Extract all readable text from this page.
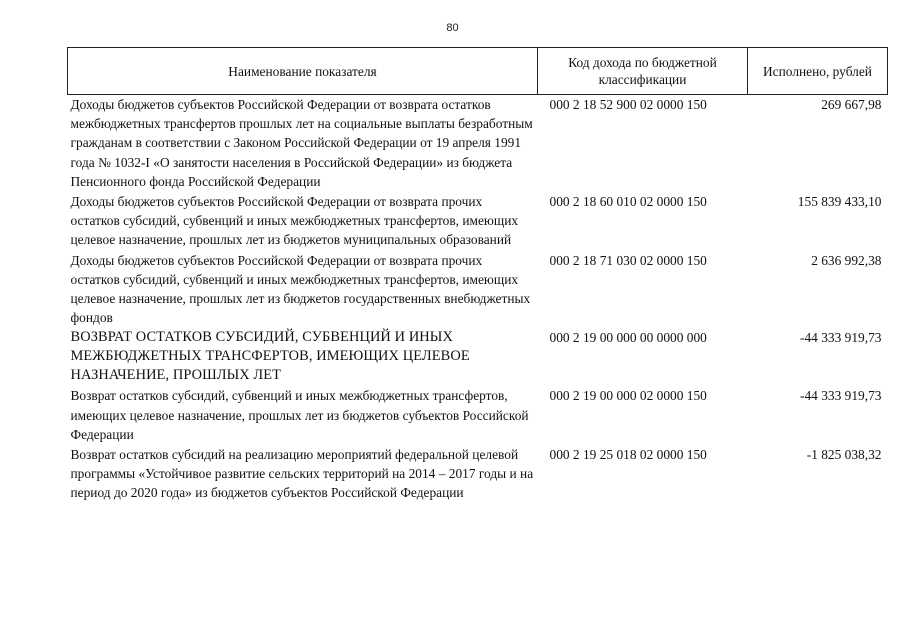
80
Наименование показателя	Код дохода по бюджетной классификации	Исполнено, рублей
Доходы бюджетов субъектов Российской Федерации от возврата остатков межбюджетных трансфертов прошлых лет на социальные выплаты безработным гражданам в соответствии с Законом Российской Федерации от 19 апреля 1991 года № 1032-I «О занятости населения в Российской Федерации» из бюджета Пенсионного фонда Российской Федерации	000 2 18 52 900 02 0000 150	269 667,98
Доходы бюджетов субъектов Российской Федерации от возврата прочих остатков субсидий, субвенций и иных межбюджетных трансфертов, имеющих целевое назначение, прошлых лет из бюджетов муниципальных образований	000 2 18 60 010 02 0000 150	155 839 433,10
Доходы бюджетов субъектов Российской Федерации от возврата прочих остатков субсидий, субвенций и иных межбюджетных трансфертов, имеющих целевое назначение, прошлых лет из бюджетов государственных внебюджетных фондов	000 2 18 71 030 02 0000 150	2 636 992,38
ВОЗВРАТ ОСТАТКОВ СУБСИДИЙ, СУБВЕНЦИЙ И ИНЫХ МЕЖБЮДЖЕТНЫХ ТРАНСФЕРТОВ, ИМЕЮЩИХ ЦЕЛЕВОЕ НАЗНАЧЕНИЕ, ПРОШЛЫХ ЛЕТ	000 2 19 00 000 00 0000 000	-44 333 919,73
Возврат остатков субсидий, субвенций и иных межбюджетных трансфертов, имеющих целевое назначение, прошлых лет из бюджетов субъектов Российской Федерации	000 2 19 00 000 02 0000 150	-44 333 919,73
Возврат остатков субсидий на реализацию мероприятий федеральной целевой программы «Устойчивое развитие сельских территорий на 2014 – 2017 годы и на период до 2020 года» из бюджетов субъектов Российской Федерации	000 2 19 25 018 02 0000 150	-1 825 038,32
